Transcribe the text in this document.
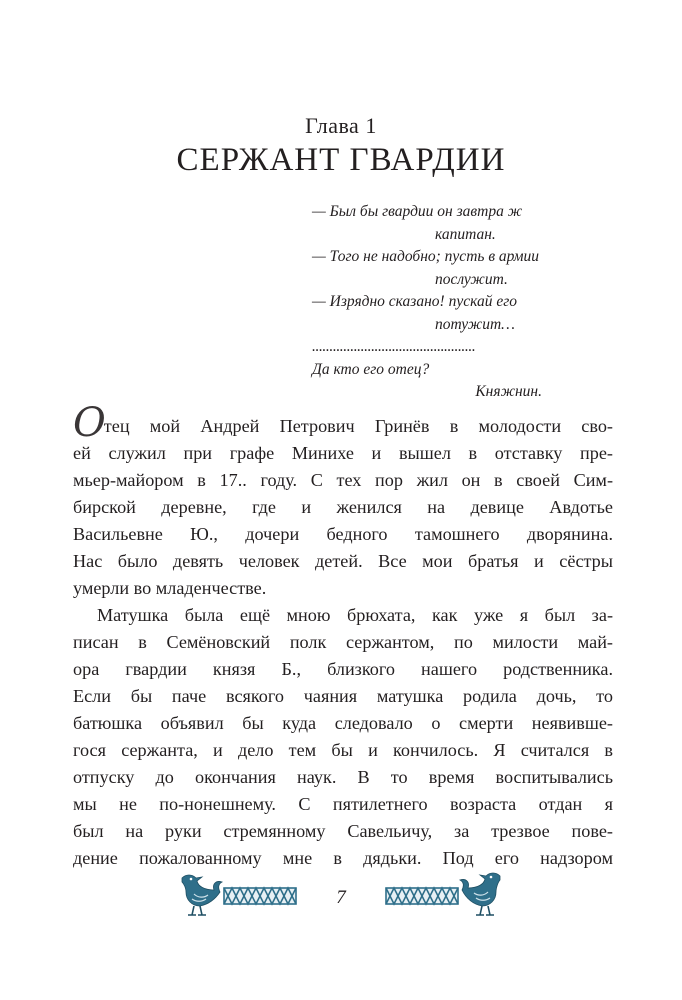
Глава 1
СЕРЖАНТ ГВАРДИИ
— Был бы гвардии он завтра ж
капитан.
— Того не надобно; пусть в армии
послужит.
— Изрядно сказано! пускай его
потужит…
...............................................
Да кто его отец?
Княжнин.
Отец мой Андрей Петрович Гринёв в молодости сво-
ей служил при графе Минихе и вышел в отставку пре-
мьер-майором в 17.. году. С тех пор жил он в своей Сим-
бирской деревне, где и женился на девице Авдотье
Васильевне Ю., дочери бедного тамошнего дворянина.
Нас было девять человек детей. Все мои братья и сёстры
умерли во младенчестве.
Матушка была ещё мною брюхата, как уже я был за-
писан в Семёновский полк сержантом, по милости май-
ора гвардии князя Б., близкого нашего родственника.
Если бы паче всякого чаяния матушка родила дочь, то
батюшка объявил бы куда следовало о смерти неявивше-
гося сержанта, и дело тем бы и кончилось. Я считался в
отпуску до окончания наук. В то время воспитывались
мы не по-нонешнему. С пятилетнего возраста отдан я
был на руки стремянному Савельичу, за трезвое пове-
дение пожалованному мне в дядьки. Под его надзором
7
